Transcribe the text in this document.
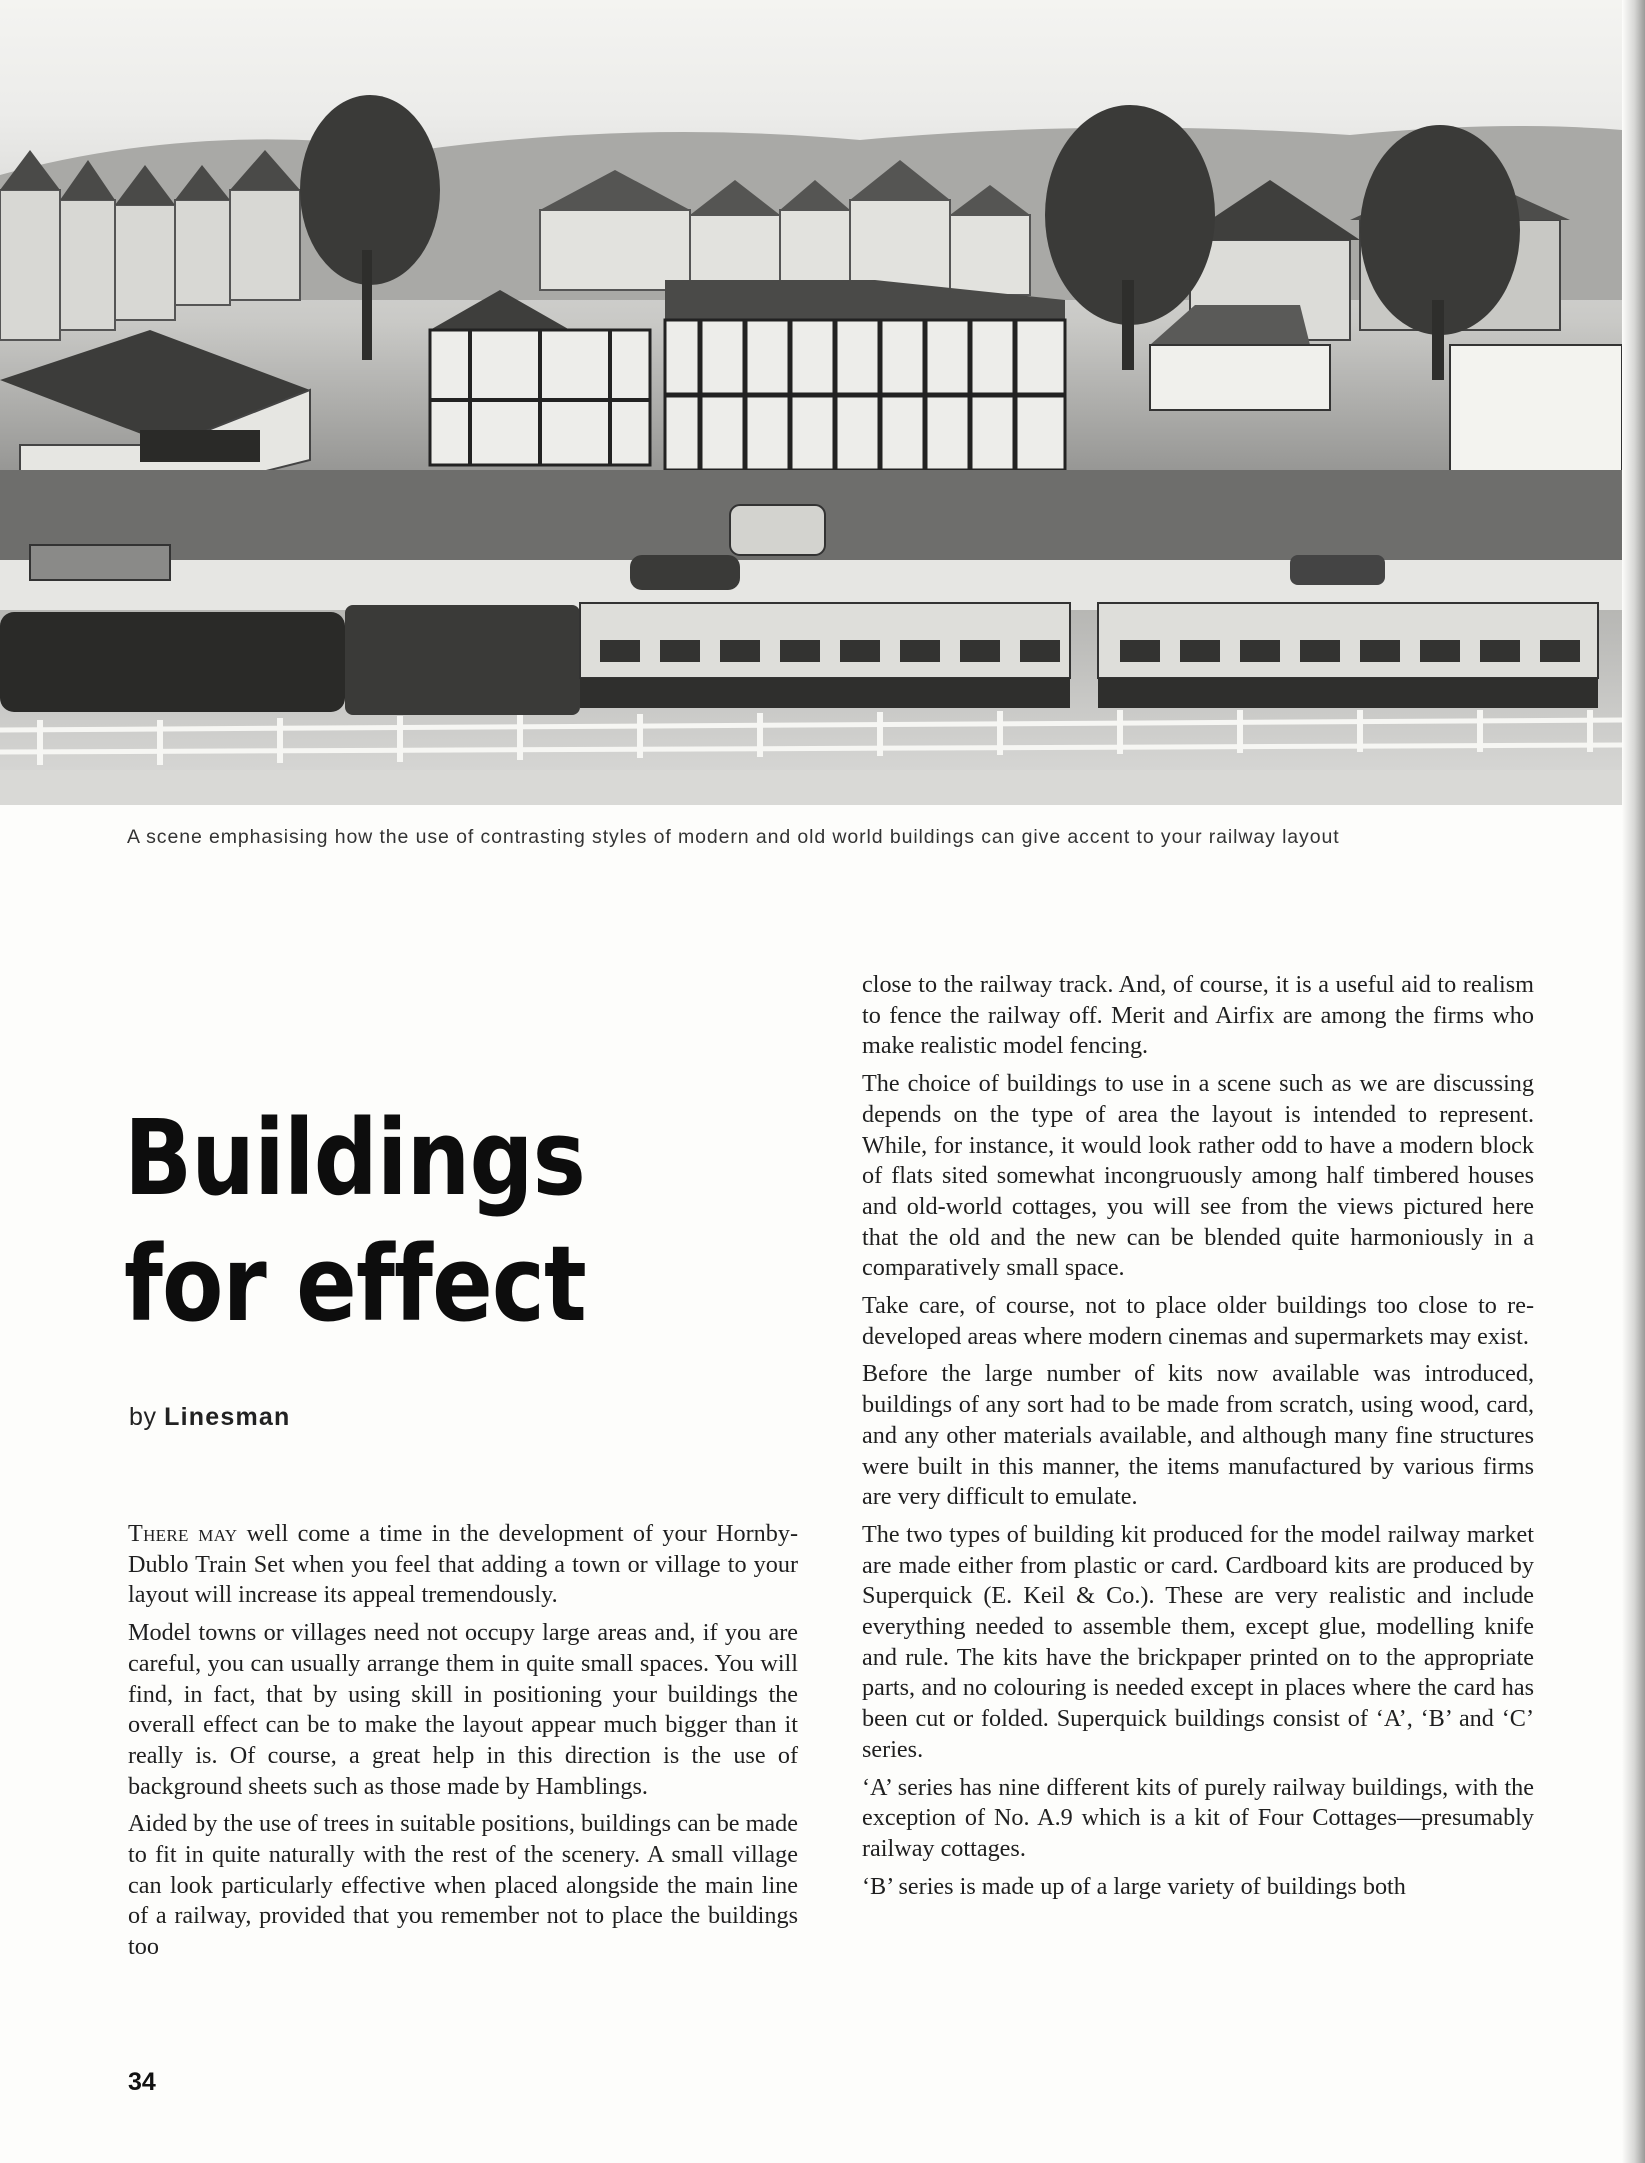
A scene emphasising how the use of contrasting styles of modern and old world buildings can give accent to your railway layout
Buildings
for effect
by Linesman

There may well come a time in the development of your Hornby-Dublo Train Set when you feel that adding a town or village to your layout will increase its appeal tremendously.

Model towns or villages need not occupy large areas and, if you are careful, you can usually arrange them in quite small spaces. You will find, in fact, that by using skill in positioning your buildings the overall effect can be to make the layout appear much bigger than it really is. Of course, a great help in this direction is the use of background sheets such as those made by Hamblings.

Aided by the use of trees in suitable positions, buildings can be made to fit in quite naturally with the rest of the scenery. A small village can look particularly effective when placed alongside the main line of a railway, provided that you remember not to place the buildings too

close to the railway track. And, of course, it is a useful aid to realism to fence the railway off. Merit and Airfix are among the firms who make realistic model fencing.

The choice of buildings to use in a scene such as we are discussing depends on the type of area the layout is intended to represent. While, for instance, it would look rather odd to have a modern block of flats sited somewhat incongruously among half timbered houses and old-world cottages, you will see from the views pictured here that the old and the new can be blended quite harmoniously in a comparatively small space.

Take care, of course, not to place older buildings too close to re-developed areas where modern cinemas and supermarkets may exist.

Before the large number of kits now available was introduced, buildings of any sort had to be made from scratch, using wood, card, and any other materials available, and although many fine structures were built in this manner, the items manufactured by various firms are very difficult to emulate.

The two types of building kit produced for the model railway market are made either from plastic or card. Cardboard kits are produced by Superquick (E. Keil & Co.). These are very realistic and include everything needed to assemble them, except glue, modelling knife and rule. The kits have the brickpaper printed on to the appropriate parts, and no colouring is needed except in places where the card has been cut or folded. Superquick buildings consist of ‘A’, ‘B’ and ‘C’ series.

‘A’ series has nine different kits of purely railway buildings, with the exception of No. A.9 which is a kit of Four Cottages—presumably railway cottages.

‘B’ series is made up of a large variety of buildings both

34
